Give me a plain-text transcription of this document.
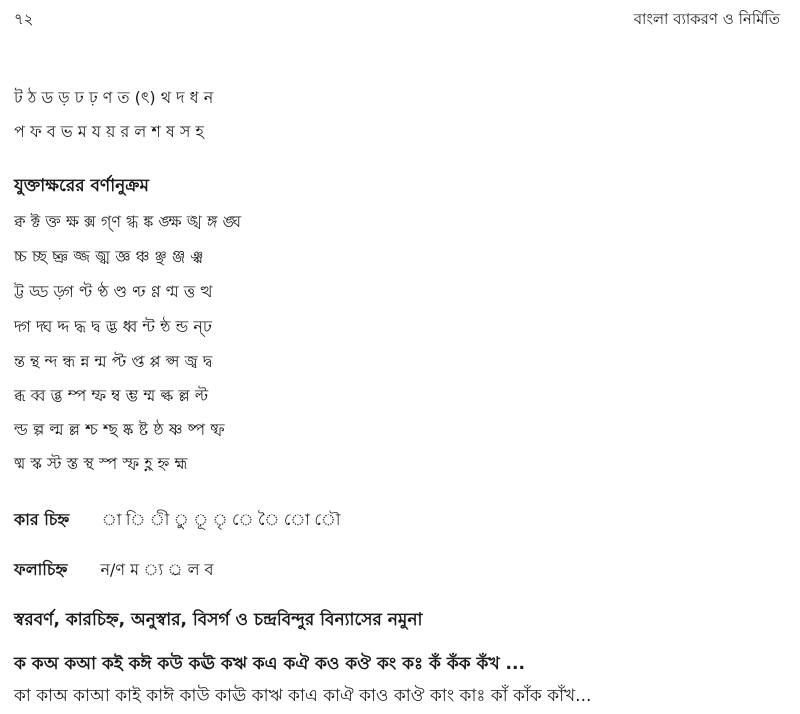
৭২	বাংলা ব্যাকরণ ও নির্মিতি
ট ঠ ড ড় ঢ ঢ় ণ ত (ৎ) থ দ ধ ন
প ফ ব ভ ম য য় র ল শ ষ স হ
যুক্তাক্ষরের বর্ণানুক্রম
ক্ব ক্ট ক্ত ক্ষ ক্স গ্ণ গ্ধ ঙ্ক ঙ্ক্ষ ঙ্খ ঙ্গ ঙ্ঘ
চ্চ চ্ছ চ্ঞ জ্জ জ্ঝ জ্ঞ ঞ্চ ঞ্ছ ঞ্জ ঞ্ঝ
ট্ট ড্ড ড়্গ ণ্ট ণ্ঠ ণ্ড ণ্ঢ ণ্ণ ণ্ম ত্ত ত্থ
দ্গ দ্ঘ দ্দ দ্ধ দ্ব দ্ভ ধ্ব ন্ট ন্ঠ ন্ড ন্ঢ
ন্ত ন্থ ন্দ ন্ধ ন্ন ন্ম প্ট প্ত প্প প্স জ্ব দ্ব
ব্ধ ব্ব ব্ভ ম্প ম্ফ ম্ব ম্ভ ম্ম ল্ক ল্ল ল্ট
ল্ড ল্প ল্ম ল্ল শ্চ শ্ছ ষ্ক ষ্ট ষ্ঠ ষ্ণ ষ্প ষ্ফ
ষ্ম স্ক স্ট স্ত স্থ স্প স্ফ হ্ণ হ্ন হ্ম
কার চিহ্ন	া ি ী ু ূ ৃ ে ৈ ো ৌ
ফলাচিহ্ন ন/ণ ম ্য ্র ল ব
স্বরবর্ণ, কারচিহ্ন, অনুস্বার, বিসর্গ ও চন্দ্রবিন্দুর বিন্যাসের নমুনা
ক কঅ কআ কই কঈ কউ কঊ কঋ কএ কঐ কও কঔ কং কঃ কঁ কঁক কঁখ ...
কা কাঅ কাআ কাই কাঈ কাউ কাঊ কাঋ কাএ কাঐ কাও কাঔ কাং কাঃ কাঁ কাঁক কাঁখ...
